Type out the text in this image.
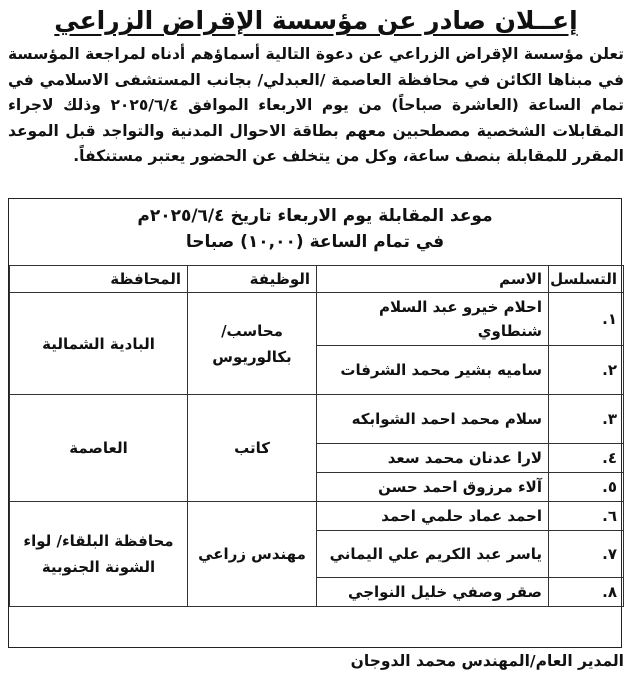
إعــلان صادر عن مؤسسة الإقراض الزراعي
تعلن مؤسسة الإقراض الزراعي عن دعوة التالية أسماؤهم أدناه لمراجعة المؤسسة في مبناها الكائن في محافظة العاصمة /العبدلي/ بجانب المستشفى الاسلامي في تمام الساعة (العاشرة صباحاً) من يوم الاربعاء الموافق ٢٠٢٥/٦/٤ وذلك لاجراء المقابلات الشخصية مصطحبين معهم بطاقة الاحوال المدنية والتواجد قبل الموعد المقرر للمقابلة بنصف ساعة، وكل من يتخلف عن الحضور يعتبر مستنكفاً.
موعد المقابلة يوم الاربعاء تاريخ ٢٠٢٥/٦/٤م
في تمام الساعة (١٠,٠٠) صباحا
التسلسل	الاسم	الوظيفة	المحافظة
١.	احلام خيرو عبد السلام شنطاوي	محاسب/ بكالوريوس	البادية الشمالية
٢.	ساميه بشير محمد الشرفات		
٣.	سلام محمد احمد الشوابكه	كاتب	العاصمة
٤.	لارا عدنان محمد سعد		
٥.	آلاء مرزوق احمد حسن		
٦.	احمد عماد حلمي احمد	مهندس زراعي	محافظة البلقاء/ لواء الشونة الجنوبية
٧.	ياسر عبد الكريم علي اليماني		
٨.	صقر وصفي خليل النواجي		
المدير العام/المهندس محمد الدوجان
